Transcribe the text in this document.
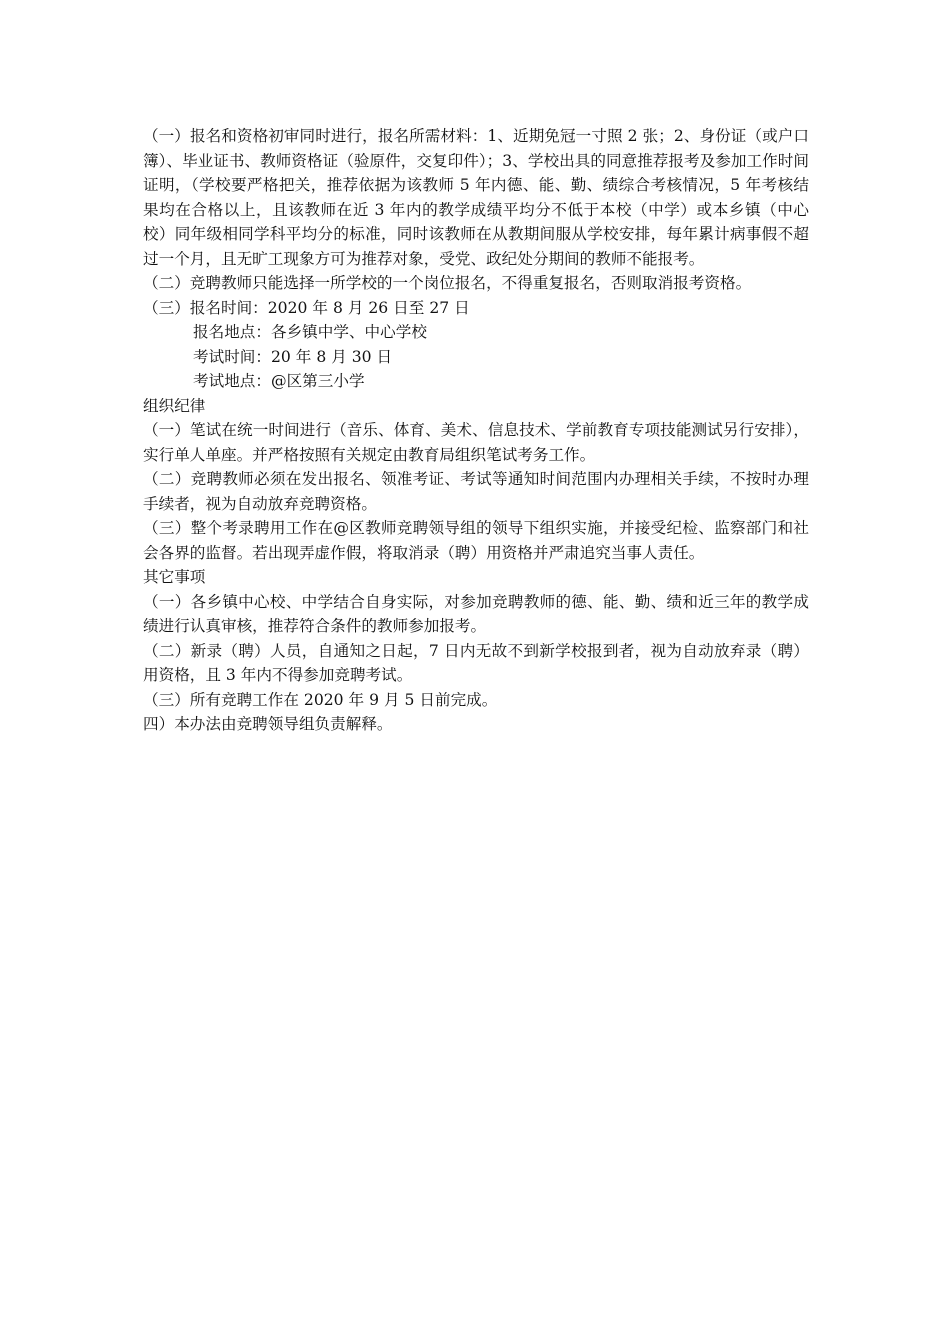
（一）报名和资格初审同时进行，报名所需材料：1、近期免冠一寸照 2 张；2、身份证（或户口簿）、毕业证书、教师资格证（验原件，交复印件）；3、学校出具的同意推荐报考及参加工作时间证明，（学校要严格把关，推荐依据为该教师 5 年内德、能、勤、绩综合考核情况，5 年考核结果均在合格以上，且该教师在近 3 年内的教学成绩平均分不低于本校（中学）或本乡镇（中心校）同年级相同学科平均分的标准，同时该教师在从教期间服从学校安排，每年累计病事假不超过一个月，且无旷工现象方可为推荐对象，受党、政纪处分期间的教师不能报考。

（二）竞聘教师只能选择一所学校的一个岗位报名，不得重复报名，否则取消报考资格。

（三）报名时间：2020 年 8 月 26 日至 27 日

报名地点：各乡镇中学、中心学校

考试时间：20 年 8 月 30 日

考试地点：@区第三小学

组织纪律

（一）笔试在统一时间进行（音乐、体育、美术、信息技术、学前教育专项技能测试另行安排），实行单人单座。并严格按照有关规定由教育局组织笔试考务工作。

（二）竞聘教师必须在发出报名、领准考证、考试等通知时间范围内办理相关手续，不按时办理手续者，视为自动放弃竞聘资格。

（三）整个考录聘用工作在@区教师竞聘领导组的领导下组织实施，并接受纪检、监察部门和社会各界的监督。若出现弄虚作假，将取消录（聘）用资格并严肃追究当事人责任。

其它事项

（一）各乡镇中心校、中学结合自身实际，对参加竞聘教师的德、能、勤、绩和近三年的教学成绩进行认真审核，推荐符合条件的教师参加报考。

（二）新录（聘）人员，自通知之日起，7 日内无故不到新学校报到者，视为自动放弃录（聘）用资格，且 3 年内不得参加竞聘考试。

（三）所有竞聘工作在 2020 年 9 月 5 日前完成。

四）本办法由竞聘领导组负责解释。
